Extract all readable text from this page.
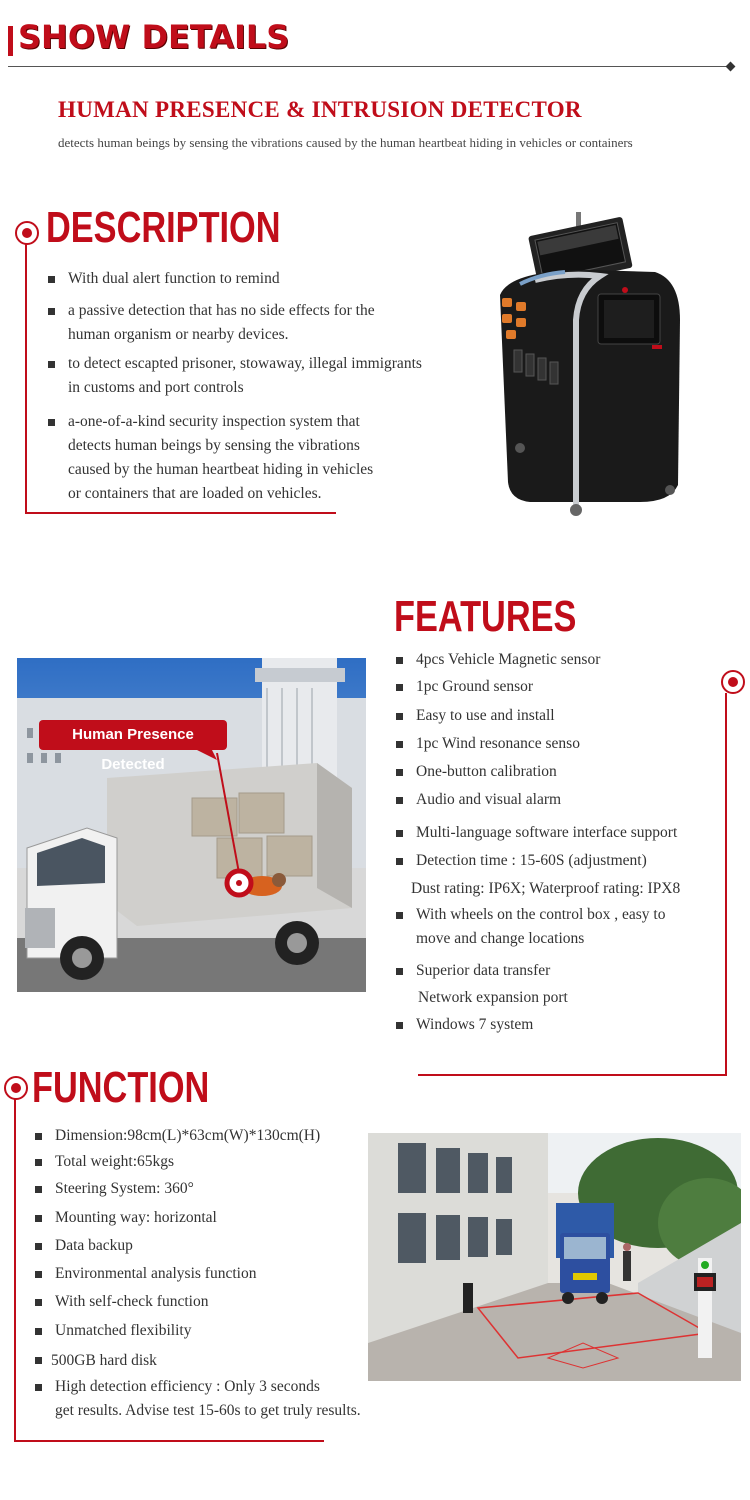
SHOW DETAILS
HUMAN PRESENCE & INTRUSION DETECTOR
detects human beings by sensing the vibrations caused by the human heartbeat hiding in vehicles or containers
DESCRIPTION
With dual alert function to remind
a passive detection that has no side effects for the
human organism or nearby devices.
to detect escapted prisoner, stowaway, illegal immigrants
in customs and port controls
a-one-of-a-kind security inspection system that
detects human beings by sensing the vibrations
caused by the human heartbeat hiding in vehicles
or containers that are loaded on vehicles.
FEATURES
Human Presence Detected
4pcs Vehicle Magnetic sensor
1pc Ground sensor
Easy to use and install
1pc Wind resonance senso
One-button calibration
Audio and visual alarm
Multi-language software interface support
Detection time : 15-60S (adjustment)
Dust rating: IP6X; Waterproof rating: IPX8
With wheels on the control box , easy to
move and change locations
Superior data transfer
Network expansion port
Windows 7 system
FUNCTION
Dimension:98cm(L)*63cm(W)*130cm(H)
Total weight:65kgs
Steering System: 360°
Mounting way: horizontal
Data backup
Environmental analysis function
With self-check function
Unmatched flexibility
500GB hard disk
High detection efficiency : Only 3 seconds
get results. Advise test 15-60s to get truly results.
